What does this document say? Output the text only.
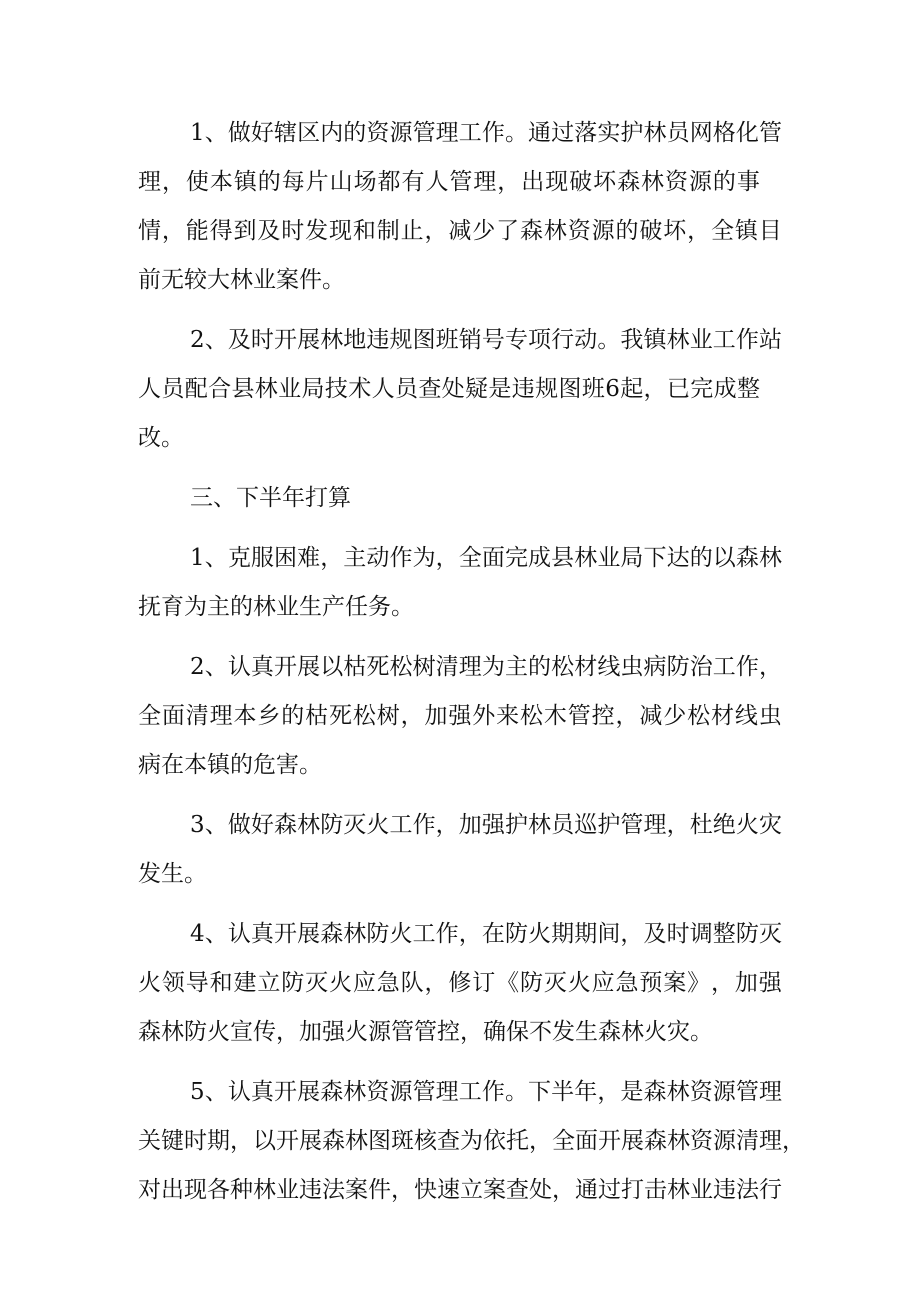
1 、 做 好 辖 区 内 的 资 源 管 理 工 作 。 通 过 落 实 护 林 员 网 格 化 管
理 ， 使 本 镇 的 每 片 山 场 都 有 人 管 理 ， 出 现 破 坏 森 林 资 源 的 事
情 ， 能 得 到 及 时 发 现 和 制 止 ， 减 少 了 森 林 资 源 的 破 坏 ， 全 镇 目
前无较大林业案件。
2 、 及 时 开 展 林 地 违 规 图 班 销 号 专 项 行 动 。 我 镇 林 业 工 作 站
人 员 配 合 县 林 业 局 技 术 人 员 查 处 疑 是 违 规 图 班 6 起 ， 已 完 成 整
改。
三、下半年打算
1 、 克 服 困 难 ， 主 动 作 为 ， 全 面 完 成 县 林 业 局 下 达 的 以 森 林
抚育为主的林业生产任务。
2 、 认 真 开 展 以 枯 死 松 树 清 理 为 主 的 松 材 线 虫 病 防 治 工 作 ，
全 面 清 理 本 乡 的 枯 死 松 树 ， 加 强 外 来 松 木 管 控 ， 减 少 松 材 线 虫
病在本镇的危害。
3 、 做 好 森 林 防 灭 火 工 作 ， 加 强 护 林 员 巡 护 管 理 ， 杜 绝 火 灾
发生。
4 、 认 真 开 展 森 林 防 火 工 作 ， 在 防 火 期 期 间 ， 及 时 调 整 防 灭
火 领 导 和 建 立 防 灭 火 应 急 队 ， 修 订 《 防 灭 火 应 急 预 案 》 ， 加 强
森林防火宣传，加强火源管管控，确保不发生森林火灾。
5 、 认 真 开 展 森 林 资 源 管 理 工 作 。 下 半 年 ， 是 森 林 资 源 管 理
关 键 时 期 ， 以 开 展 森 林 图 斑 核 查 为 依 托 ， 全 面 开 展 森 林 资 源 清 理 ，
对 出 现 各 种 林 业 违 法 案 件 ， 快 速 立 案 查 处 ， 通 过 打 击 林 业 违 法 行
